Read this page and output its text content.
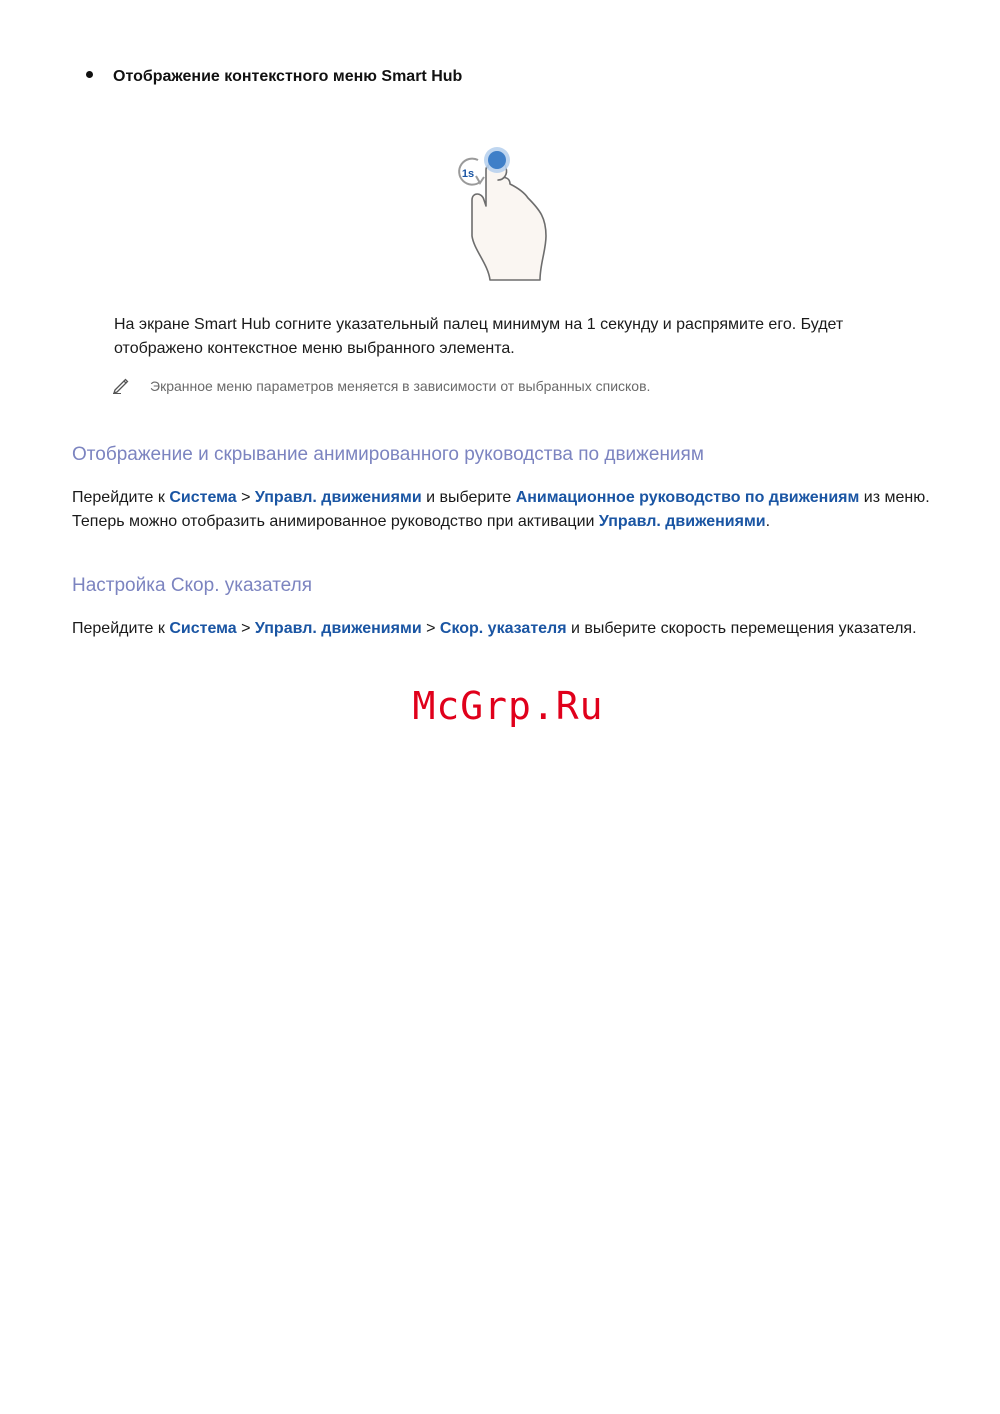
Отображение контекстного меню Smart Hub
1s
На экране Smart Hub согните указательный палец минимум на 1 секунду и распрямите его. Будет отображено контекстное меню выбранного элемента.
Экранное меню параметров меняется в зависимости от выбранных списков.
Отображение и скрывание анимированного руководства по движениям
Перейдите к Система > Управл. движениями и выберите Анимационное руководство по движениям из меню. Теперь можно отобразить анимированное руководство при активации Управл. движениями.
Настройка Скор. указателя
Перейдите к Система > Управл. движениями > Скор. указателя и выберите скорость перемещения указателя.
McGrp.Ru
